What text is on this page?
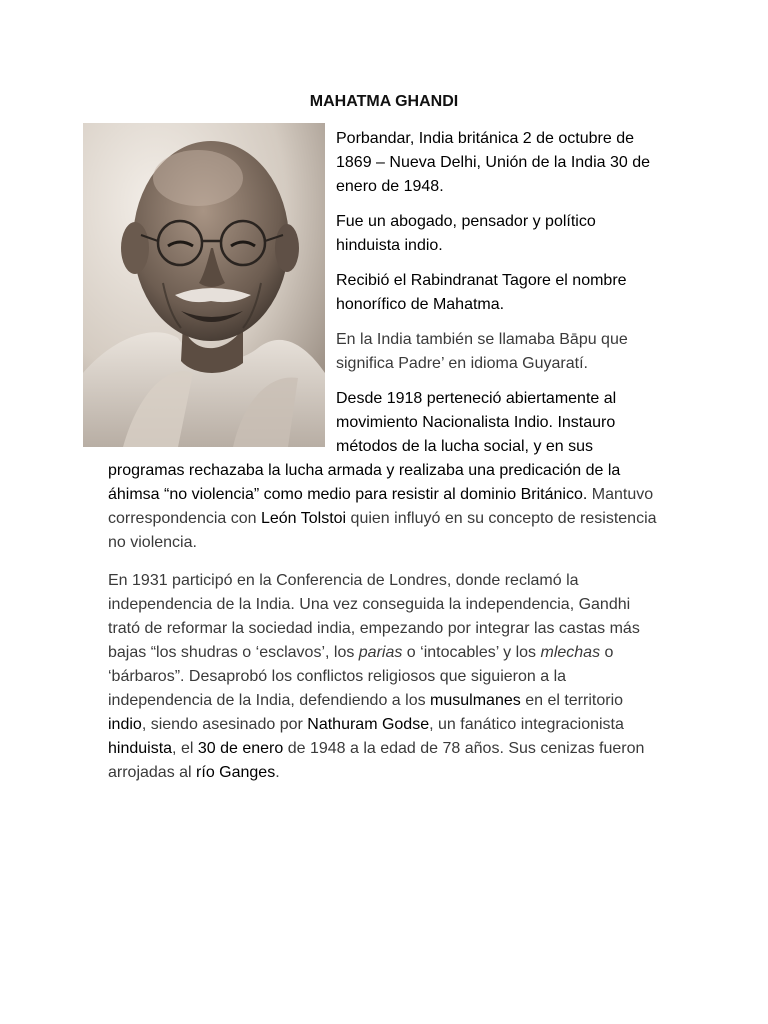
MAHATMA GHANDI

Porbandar, India británica 2 de octubre de 1869 – Nueva Delhi, Unión de la India 30 de enero de 1948.

Fue un abogado, pensador y político hinduista indio.

Recibió el Rabindranat Tagore el nombre honorífico de Mahatma.

En la India también se llamaba Bāpu que significa Padre’ en idioma Guyaratí.

Desde 1918 perteneció abiertamente al movimiento Nacionalista Indio. Instauro métodos de la lucha social, y en sus programas rechazaba la lucha armada y realizaba una predicación de la áhimsa “no violencia” como medio para resistir al dominio Británico. Mantuvo correspondencia con León Tolstoi quien influyó en su concepto de resistencia no violencia.

En 1931 participó en la Conferencia de Londres, donde reclamó la independencia de la India. Una vez conseguida la independencia, Gandhi trató de reformar la sociedad india, empezando por integrar las castas más bajas “los shudras o ‘esclavos’, los parias o ‘intocables’ y los mlechas o ‘bárbaros”. Desaprobó los conflictos religiosos que siguieron a la independencia de la India, defendiendo a los musulmanes en el territorio indio, siendo asesinado por Nathuram Godse, un fanático integracionista hinduista, el 30 de enero de 1948 a la edad de 78 años. Sus cenizas fueron arrojadas al río Ganges.
